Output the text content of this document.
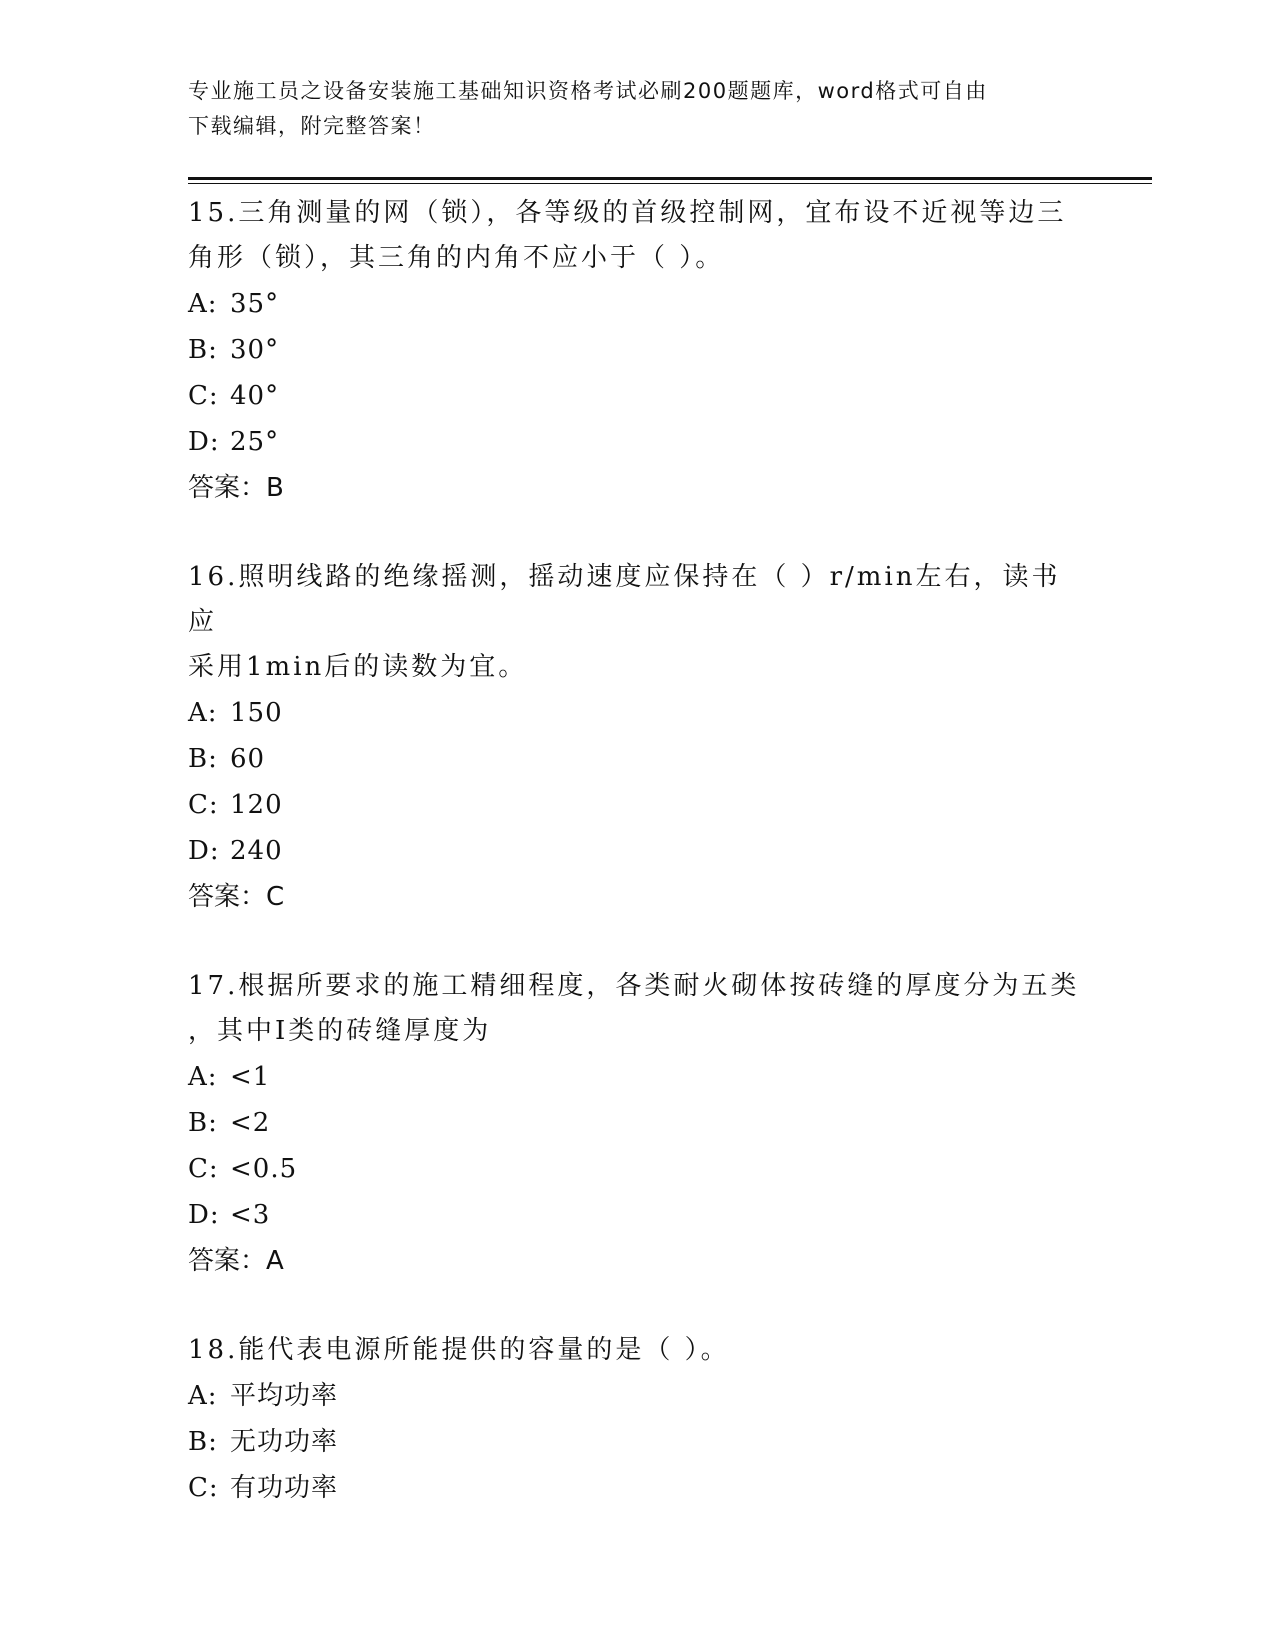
专业施工员之设备安装施工基础知识资格考试必刷200题题库，word格式可自由
下载编辑，附完整答案！
15.三角测量的网（锁），各等级的首级控制网，宜布设不近视等边三
角形（锁），其三角的内角不应小于（ ）。
A: 35°
B: 30°
C: 40°
D: 25°
答案：B
16.照明线路的绝缘摇测，摇动速度应保持在（ ）r/min左右，读书应
采用1min后的读数为宜。
A: 150
B: 60
C: 120
D: 240
答案：C
17.根据所要求的施工精细程度，各类耐火砌体按砖缝的厚度分为五类
，其中Ⅰ类的砖缝厚度为
A: <1
B: <2
C: <0.5
D: <3
答案：A
18.能代表电源所能提供的容量的是（ ）。
A: 平均功率
B: 无功功率
C: 有功功率
